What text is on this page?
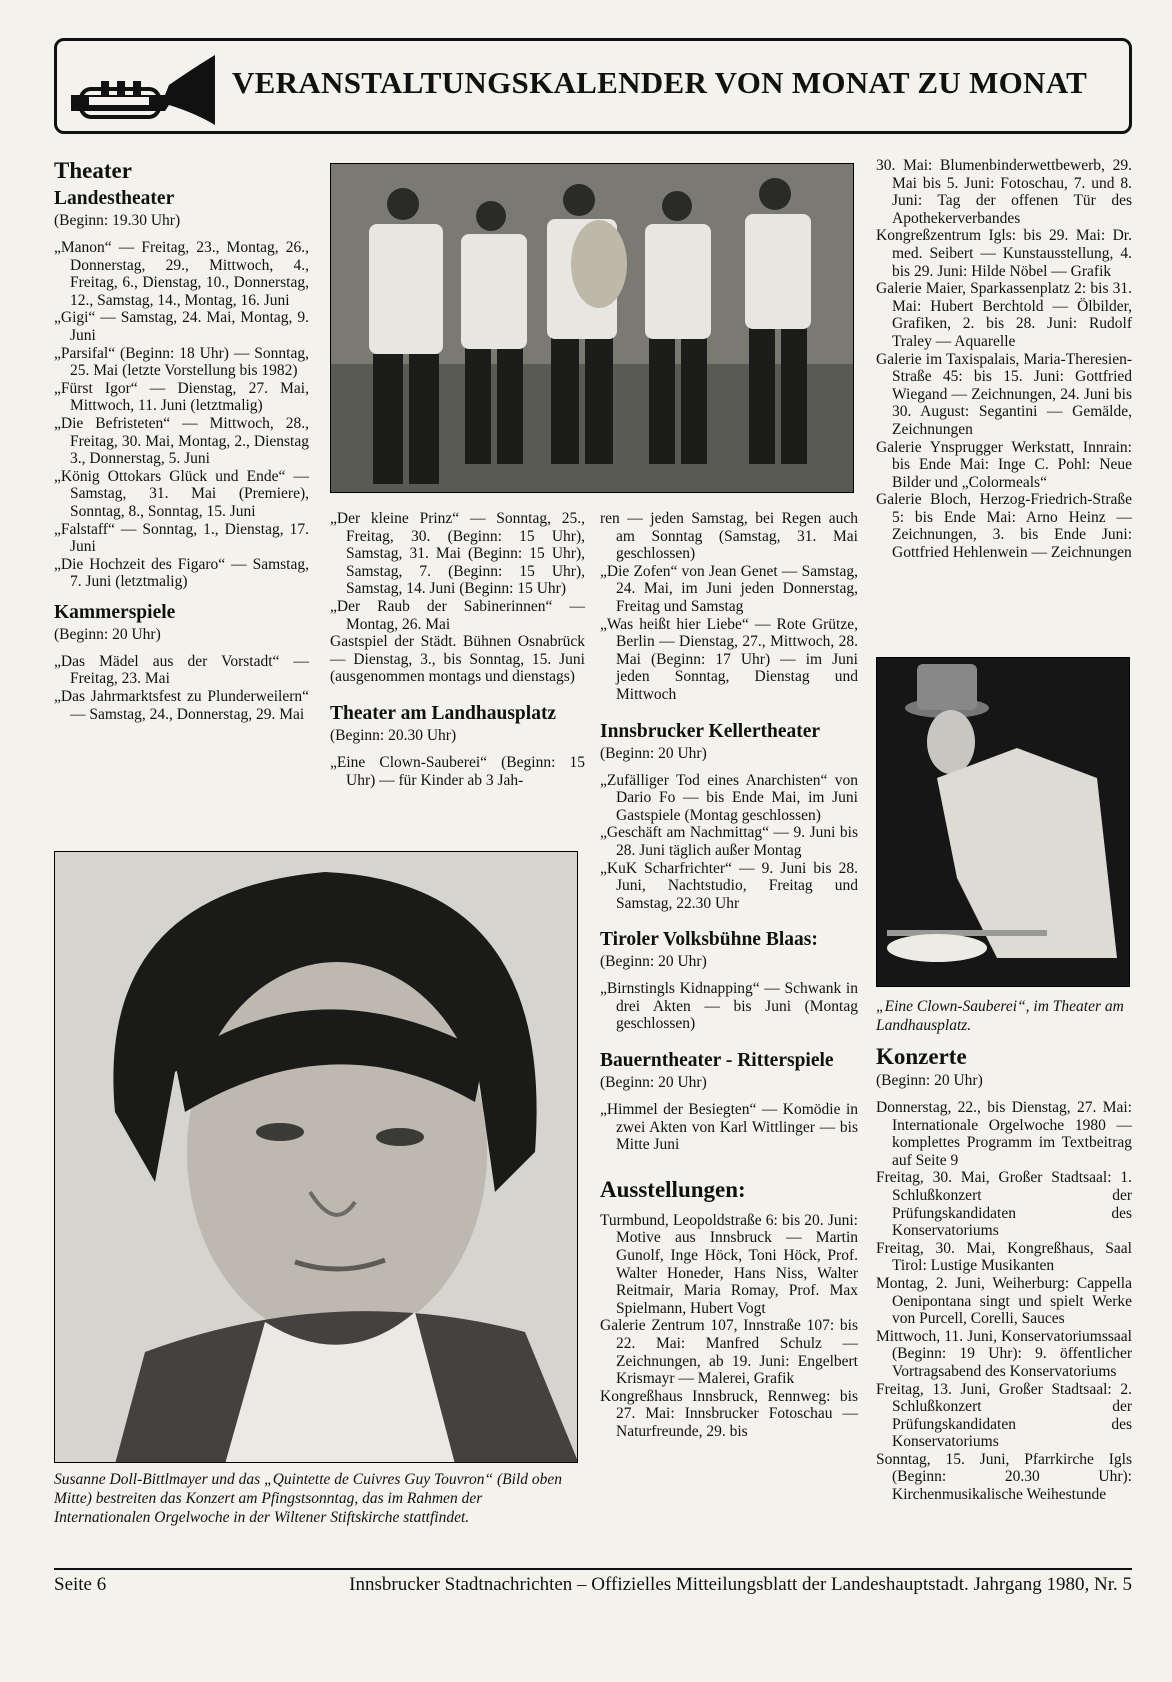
VERANSTALTUNGSKALENDER VON MONAT ZU MONAT
Theater
Landestheater
(Beginn: 19.30 Uhr)

„Manon“ — Freitag, 23., Montag, 26., Donnerstag, 29., Mittwoch, 4., Freitag, 6., Dienstag, 10., Donnerstag, 12., Samstag, 14., Montag, 16. Juni

„Gigi“ — Samstag, 24. Mai, Montag, 9. Juni

„Parsifal“ (Beginn: 18 Uhr) — Sonntag, 25. Mai (letzte Vorstellung bis 1982)

„Fürst Igor“ — Dienstag, 27. Mai, Mittwoch, 11. Juni (letztmalig)

„Die Befristeten“ — Mittwoch, 28., Freitag, 30. Mai, Montag, 2., Dienstag 3., Donnerstag, 5. Juni

„König Ottokars Glück und Ende“ — Samstag, 31. Mai (Premiere), Sonntag, 8., Sonntag, 15. Juni

„Falstaff“ — Sonntag, 1., Dienstag, 17. Juni

„Die Hochzeit des Figaro“ — Samstag, 7. Juni (letztmalig)

Kammerspiele
(Beginn: 20 Uhr)

„Das Mädel aus der Vorstadt“ — Freitag, 23. Mai

„Das Jahrmarktsfest zu Plunderweilern“ — Samstag, 24., Donnerstag, 29. Mai

„Der kleine Prinz“ — Sonntag, 25., Freitag, 30. (Beginn: 15 Uhr), Samstag, 31. Mai (Beginn: 15 Uhr), Samstag, 7. (Beginn: 15 Uhr), Samstag, 14. Juni (Beginn: 15 Uhr)

„Der Raub der Sabinerinnen“ — Montag, 26. Mai

Gastspiel der Städt. Bühnen Osnabrück — Dienstag, 3., bis Sonntag, 15. Juni (ausgenommen montags und dienstags)

Theater am Landhausplatz
(Beginn: 20.30 Uhr)

„Eine Clown-Sauberei“ (Beginn: 15 Uhr) — für Kinder ab 3 Jah-

ren — jeden Samstag, bei Regen auch am Sonntag (Samstag, 31. Mai geschlossen)

„Die Zofen“ von Jean Genet — Samstag, 24. Mai, im Juni jeden Donnerstag, Freitag und Samstag

„Was heißt hier Liebe“ — Rote Grütze, Berlin — Dienstag, 27., Mittwoch, 28. Mai (Beginn: 17 Uhr) — im Juni jeden Sonntag, Dienstag und Mittwoch

Innsbrucker Kellertheater
(Beginn: 20 Uhr)

„Zufälliger Tod eines Anarchisten“ von Dario Fo — bis Ende Mai, im Juni Gastspiele (Montag geschlossen)

„Geschäft am Nachmittag“ — 9. Juni bis 28. Juni täglich außer Montag

„KuK Scharfrichter“ — 9. Juni bis 28. Juni, Nachtstudio, Freitag und Samstag, 22.30 Uhr

Tiroler Volksbühne Blaas:
(Beginn: 20 Uhr)

„Birnstingls Kidnapping“ — Schwank in drei Akten — bis Juni (Montag geschlossen)

Bauerntheater - Ritterspiele
(Beginn: 20 Uhr)

„Himmel der Besiegten“ — Komödie in zwei Akten von Karl Wittlinger — bis Mitte Juni

Ausstellungen:

Turmbund, Leopoldstraße 6: bis 20. Juni: Motive aus Innsbruck — Martin Gunolf, Inge Höck, Toni Höck, Prof. Walter Honeder, Hans Niss, Walter Reitmair, Maria Romay, Prof. Max Spielmann, Hubert Vogt

Galerie Zentrum 107, Innstraße 107: bis 22. Mai: Manfred Schulz — Zeichnungen, ab 19. Juni: Engelbert Krismayr — Malerei, Grafik

Kongreßhaus Innsbruck, Rennweg: bis 27. Mai: Innsbrucker Fotoschau — Naturfreunde, 29. bis

30. Mai: Blumenbinderwettbewerb, 29. Mai bis 5. Juni: Fotoschau, 7. und 8. Juni: Tag der offenen Tür des Apothekerverbandes

Kongreßzentrum Igls: bis 29. Mai: Dr. med. Seibert — Kunstausstellung, 4. bis 29. Juni: Hilde Nöbel — Grafik

Galerie Maier, Sparkassenplatz 2: bis 31. Mai: Hubert Berchtold — Ölbilder, Grafiken, 2. bis 28. Juni: Rudolf Traley — Aquarelle

Galerie im Taxispalais, Maria-Theresien-Straße 45: bis 15. Juni: Gottfried Wiegand — Zeichnungen, 24. Juni bis 30. August: Segantini — Gemälde, Zeichnungen

Galerie Ynsprugger Werkstatt, Innrain: bis Ende Mai: Inge C. Pohl: Neue Bilder und „Colormeals“

Galerie Bloch, Herzog-Friedrich-Straße 5: bis Ende Mai: Arno Heinz — Zeichnungen, 3. bis Ende Juni: Gottfried Hehlenwein — Zeichnungen

„Eine Clown-Sauberei“, im Theater am Landhausplatz.
Konzerte
(Beginn: 20 Uhr)

Donnerstag, 22., bis Dienstag, 27. Mai: Internationale Orgelwoche 1980 — komplettes Programm im Textbeitrag auf Seite 9

Freitag, 30. Mai, Großer Stadtsaal: 1. Schlußkonzert der Prüfungskandidaten des Konservatoriums

Freitag, 30. Mai, Kongreßhaus, Saal Tirol: Lustige Musikanten

Montag, 2. Juni, Weiherburg: Cappella Oenipontana singt und spielt Werke von Purcell, Corelli, Sauces

Mittwoch, 11. Juni, Konservatoriumssaal (Beginn: 19 Uhr): 9. öffentlicher Vortragsabend des Konservatoriums

Freitag, 13. Juni, Großer Stadtsaal: 2. Schlußkonzert der Prüfungskandidaten des Konservatoriums

Sonntag, 15. Juni, Pfarrkirche Igls (Beginn: 20.30 Uhr): Kirchenmusikalische Weihestunde

Susanne Doll-Bittlmayer und das „Quintette de Cuivres Guy Touvron“ (Bild oben Mitte) bestreiten das Konzert am Pfingstsonntag, das im Rahmen der Internationalen Orgelwoche in der Wiltener Stiftskirche stattfindet.
Seite 6	Innsbrucker Stadtnachrichten – Offizielles Mitteilungsblatt der Landeshauptstadt. Jahrgang 1980, Nr. 5
